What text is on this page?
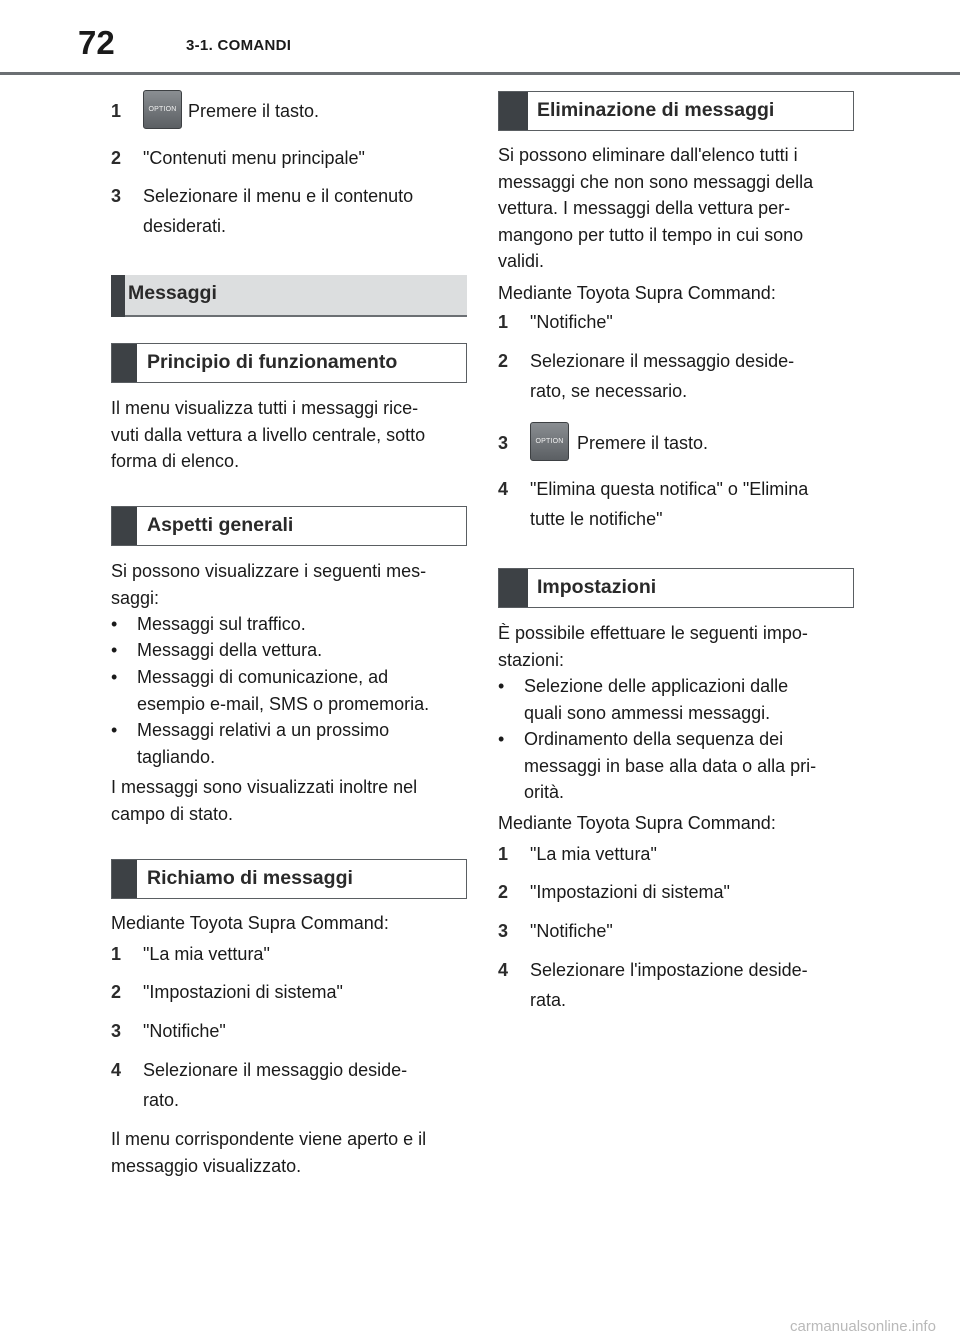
72	3-1. COMANDI
1	OPTION Premere il tasto.
2 "Contenuti menu principale"
3 Selezionare il menu e il contenuto
desiderati.
Messaggi
Principio di funzionamento
Il menu visualizza tutti i messaggi rice-
vuti dalla vettura a livello centrale, sotto
forma di elenco.
Aspetti generali
Si possono visualizzare i seguenti mes-
saggi:
• Messaggi sul traffico.
• Messaggi della vettura.
• Messaggi di comunicazione, ad
esempio e-mail, SMS o promemoria.
• Messaggi relativi a un prossimo
tagliando.
I messaggi sono visualizzati inoltre nel
campo di stato.
Richiamo di messaggi
Mediante Toyota Supra Command:
1 "La mia vettura"
2 "Impostazioni di sistema"
3 "Notifiche"
4 Selezionare il messaggio deside-
rato.
Il menu corrispondente viene aperto e il
messaggio visualizzato.
Eliminazione di messaggi
Si possono eliminare dall'elenco tutti i
messaggi che non sono messaggi della
vettura. I messaggi della vettura per-
mangono per tutto il tempo in cui sono
validi.
Mediante Toyota Supra Command:
1 "Notifiche"
2 Selezionare il messaggio deside-
rato, se necessario.
3	OPTION Premere il tasto.
4 "Elimina questa notifica" o "Elimina
tutte le notifiche"
Impostazioni
È possibile effettuare le seguenti impo-
stazioni:
• Selezione delle applicazioni dalle
quali sono ammessi messaggi.
• Ordinamento della sequenza dei
messaggi in base alla data o alla pri-
orità.
Mediante Toyota Supra Command:
1 "La mia vettura"
2 "Impostazioni di sistema"
3 "Notifiche"
4 Selezionare l'impostazione deside-
rata.
carmanualsonline.info
